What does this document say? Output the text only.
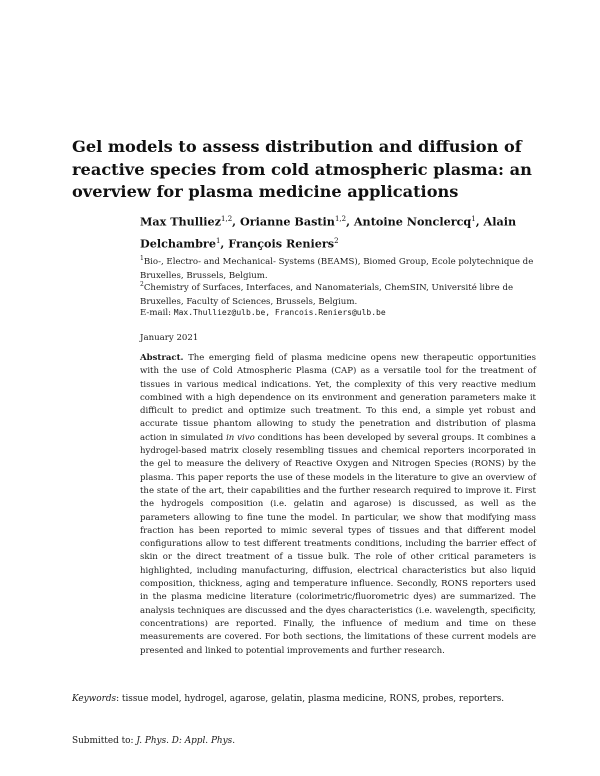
Gel models to assess distribution and diffusion of reactive species from cold atmospheric plasma: an overview for plasma medicine applications
Max Thulliez$^{1,2}$, Orianne Bastin$^{1,2}$, Antoine Nonclercq$^1$, Alain Delchambre$^1$, François Reniers$^2$
$^1$Bio-, Electro- and Mechanical- Systems (BEAMS), Biomed Group, Ecole polytechnique de Bruxelles, Brussels, Belgium.
$^2$Chemistry of Surfaces, Interfaces, and Nanomaterials, ChemSIN, Université libre de Bruxelles, Faculty of Sciences, Brussels, Belgium.
E-mail: Max.Thulliez@ulb.be, Francois.Reniers@ulb.be
January 2021
Abstract. The emerging field of plasma medicine opens new therapeutic opportunities with the use of Cold Atmospheric Plasma (CAP) as a versatile tool for the treatment of tissues in various medical indications. Yet, the complexity of this very reactive medium combined with a high dependence on its environment and generation parameters make it difficult to predict and optimize such treatment. To this end, a simple yet robust and accurate tissue phantom allowing to study the penetration and distribution of plasma action in simulated in vivo conditions has been developed by several groups. It combines a hydrogel-based matrix closely resembling tissues and chemical reporters incorporated in the gel to measure the delivery of Reactive Oxygen and Nitrogen Species (RONS) by the plasma. This paper reports the use of these models in the literature to give an overview of the state of the art, their capabilities and the further research required to improve it. First the hydrogels composition (i.e. gelatin and agarose) is discussed, as well as the parameters allowing to fine tune the model. In particular, we show that modifying mass fraction has been reported to mimic several types of tissues and that different model configurations allow to test different treatments conditions, including the barrier effect of skin or the direct treatment of a tissue bulk. The role of other critical parameters is highlighted, including manufacturing, diffusion, electrical characteristics but also liquid composition, thickness, aging and temperature influence. Secondly, RONS reporters used in the plasma medicine literature (colorimetric/fluorometric dyes) are summarized. The analysis techniques are discussed and the dyes characteristics (i.e. wavelength, specificity, concentrations) are reported. Finally, the influence of medium and time on these measurements are covered. For both sections, the limitations of these current models are presented and linked to potential improvements and further research.
Keywords: tissue model, hydrogel, agarose, gelatin, plasma medicine, RONS, probes, reporters.
Submitted to: J. Phys. D: Appl. Phys.
